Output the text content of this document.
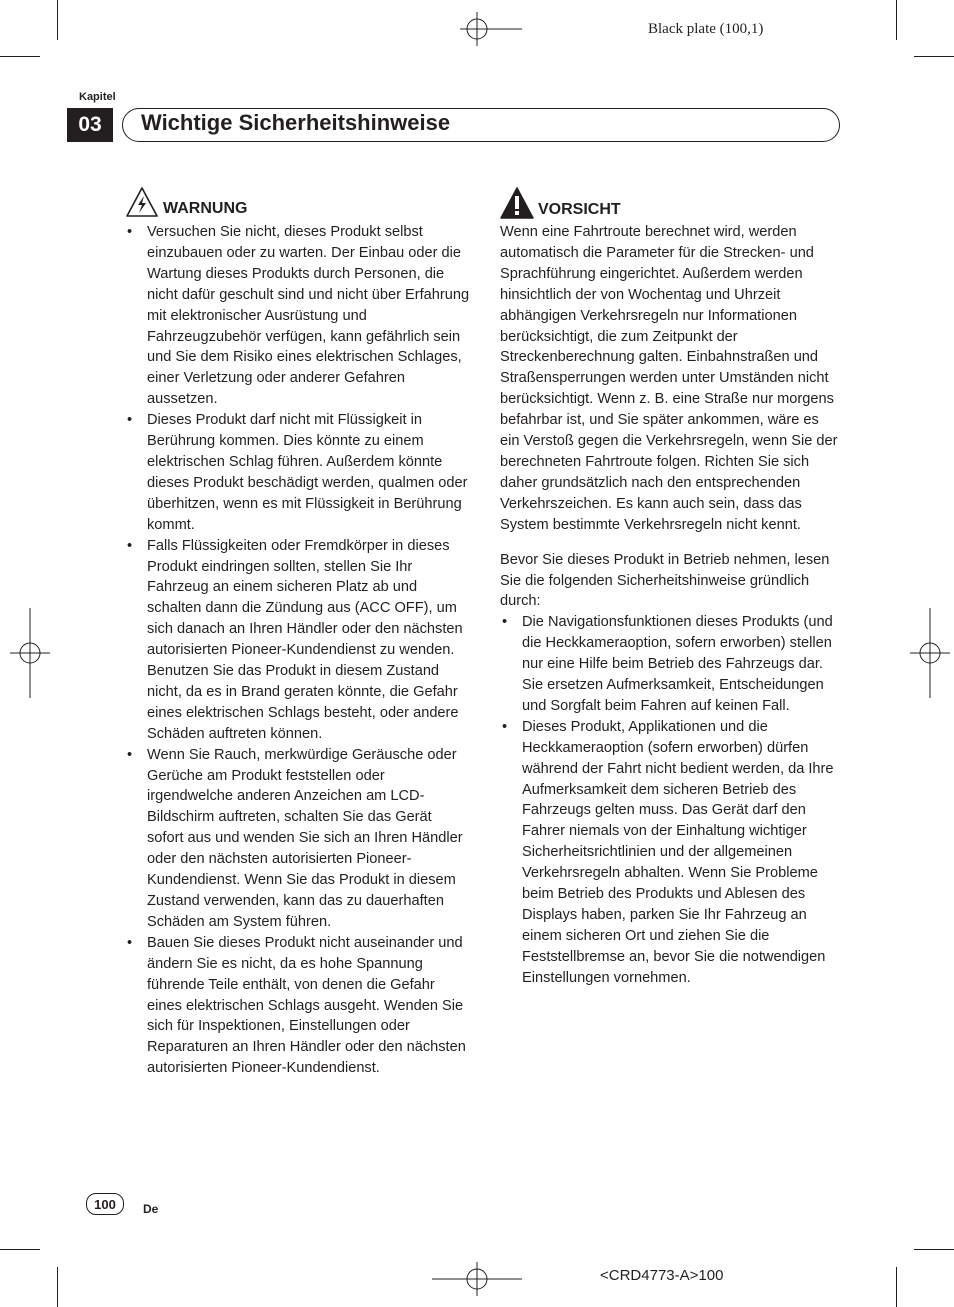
Black plate (100,1)
Kapitel
03	Wichtige Sicherheitshinweise
WARNUNG
• Versuchen Sie nicht, dieses Produkt selbst einzubauen oder zu warten. Der Einbau oder die Wartung dieses Produkts durch Personen, die nicht dafür geschult sind und nicht über Erfahrung mit elektronischer Ausrüstung und Fahrzeugzubehör verfügen, kann gefährlich sein und Sie dem Risiko eines elektrischen Schlages, einer Verletzung oder anderer Gefahren aussetzen.
• Dieses Produkt darf nicht mit Flüssigkeit in Berührung kommen. Dies könnte zu einem elektrischen Schlag führen. Außerdem könnte dieses Produkt beschädigt werden, qualmen oder überhitzen, wenn es mit Flüssigkeit in Berührung kommt.
• Falls Flüssigkeiten oder Fremdkörper in dieses Produkt eindringen sollten, stellen Sie Ihr Fahrzeug an einem sicheren Platz ab und schalten dann die Zündung aus (ACC OFF), um sich danach an Ihren Händler oder den nächsten autorisierten Pioneer-Kundendienst zu wenden. Benutzen Sie das Produkt in diesem Zustand nicht, da es in Brand geraten könnte, die Gefahr eines elektrischen Schlags besteht, oder andere Schäden auftreten können.
• Wenn Sie Rauch, merkwürdige Geräusche oder Gerüche am Produkt feststellen oder irgendwelche anderen Anzeichen am LCD-Bildschirm auftreten, schalten Sie das Gerät sofort aus und wenden Sie sich an Ihren Händler oder den nächsten autorisierten Pioneer-Kundendienst. Wenn Sie das Produkt in diesem Zustand verwenden, kann das zu dauerhaften Schäden am System führen.
• Bauen Sie dieses Produkt nicht auseinander und ändern Sie es nicht, da es hohe Spannung führende Teile enthält, von denen die Gefahr eines elektrischen Schlags ausgeht. Wenden Sie sich für Inspektionen, Einstellungen oder Reparaturen an Ihren Händler oder den nächsten autorisierten Pioneer-Kundendienst.
VORSICHT

Wenn eine Fahrtroute berechnet wird, werden automatisch die Parameter für die Strecken- und Sprachführung eingerichtet. Außerdem werden hinsichtlich der von Wochentag und Uhrzeit abhängigen Verkehrsregeln nur Informationen berücksichtigt, die zum Zeitpunkt der Streckenberechnung galten. Einbahnstraßen und Straßensperrungen werden unter Umständen nicht berücksichtigt. Wenn z. B. eine Straße nur morgens befahrbar ist, und Sie später ankommen, wäre es ein Verstoß gegen die Verkehrsregeln, wenn Sie der berechneten Fahrtroute folgen. Richten Sie sich daher grundsätzlich nach den entsprechenden Verkehrszeichen. Es kann auch sein, dass das System bestimmte Verkehrsregeln nicht kennt.

Bevor Sie dieses Produkt in Betrieb nehmen, lesen Sie die folgenden Sicherheitshinweise gründlich durch:

• Die Navigationsfunktionen dieses Produkts (und die Heckkameraoption, sofern erworben) stellen nur eine Hilfe beim Betrieb des Fahrzeugs dar. Sie ersetzen Aufmerksamkeit, Entscheidungen und Sorgfalt beim Fahren auf keinen Fall.
• Dieses Produkt, Applikationen und die Heckkameraoption (sofern erworben) dürfen während der Fahrt nicht bedient werden, da Ihre Aufmerksamkeit dem sicheren Betrieb des Fahrzeugs gelten muss. Das Gerät darf den Fahrer niemals von der Einhaltung wichtiger Sicherheitsrichtlinien und der allgemeinen Verkehrsregeln abhalten. Wenn Sie Probleme beim Betrieb des Produkts und Ablesen des Displays haben, parken Sie Ihr Fahrzeug an einem sicheren Ort und ziehen Sie die Feststellbremse an, bevor Sie die notwendigen Einstellungen vornehmen.
100	De
<CRD4773-A>100
